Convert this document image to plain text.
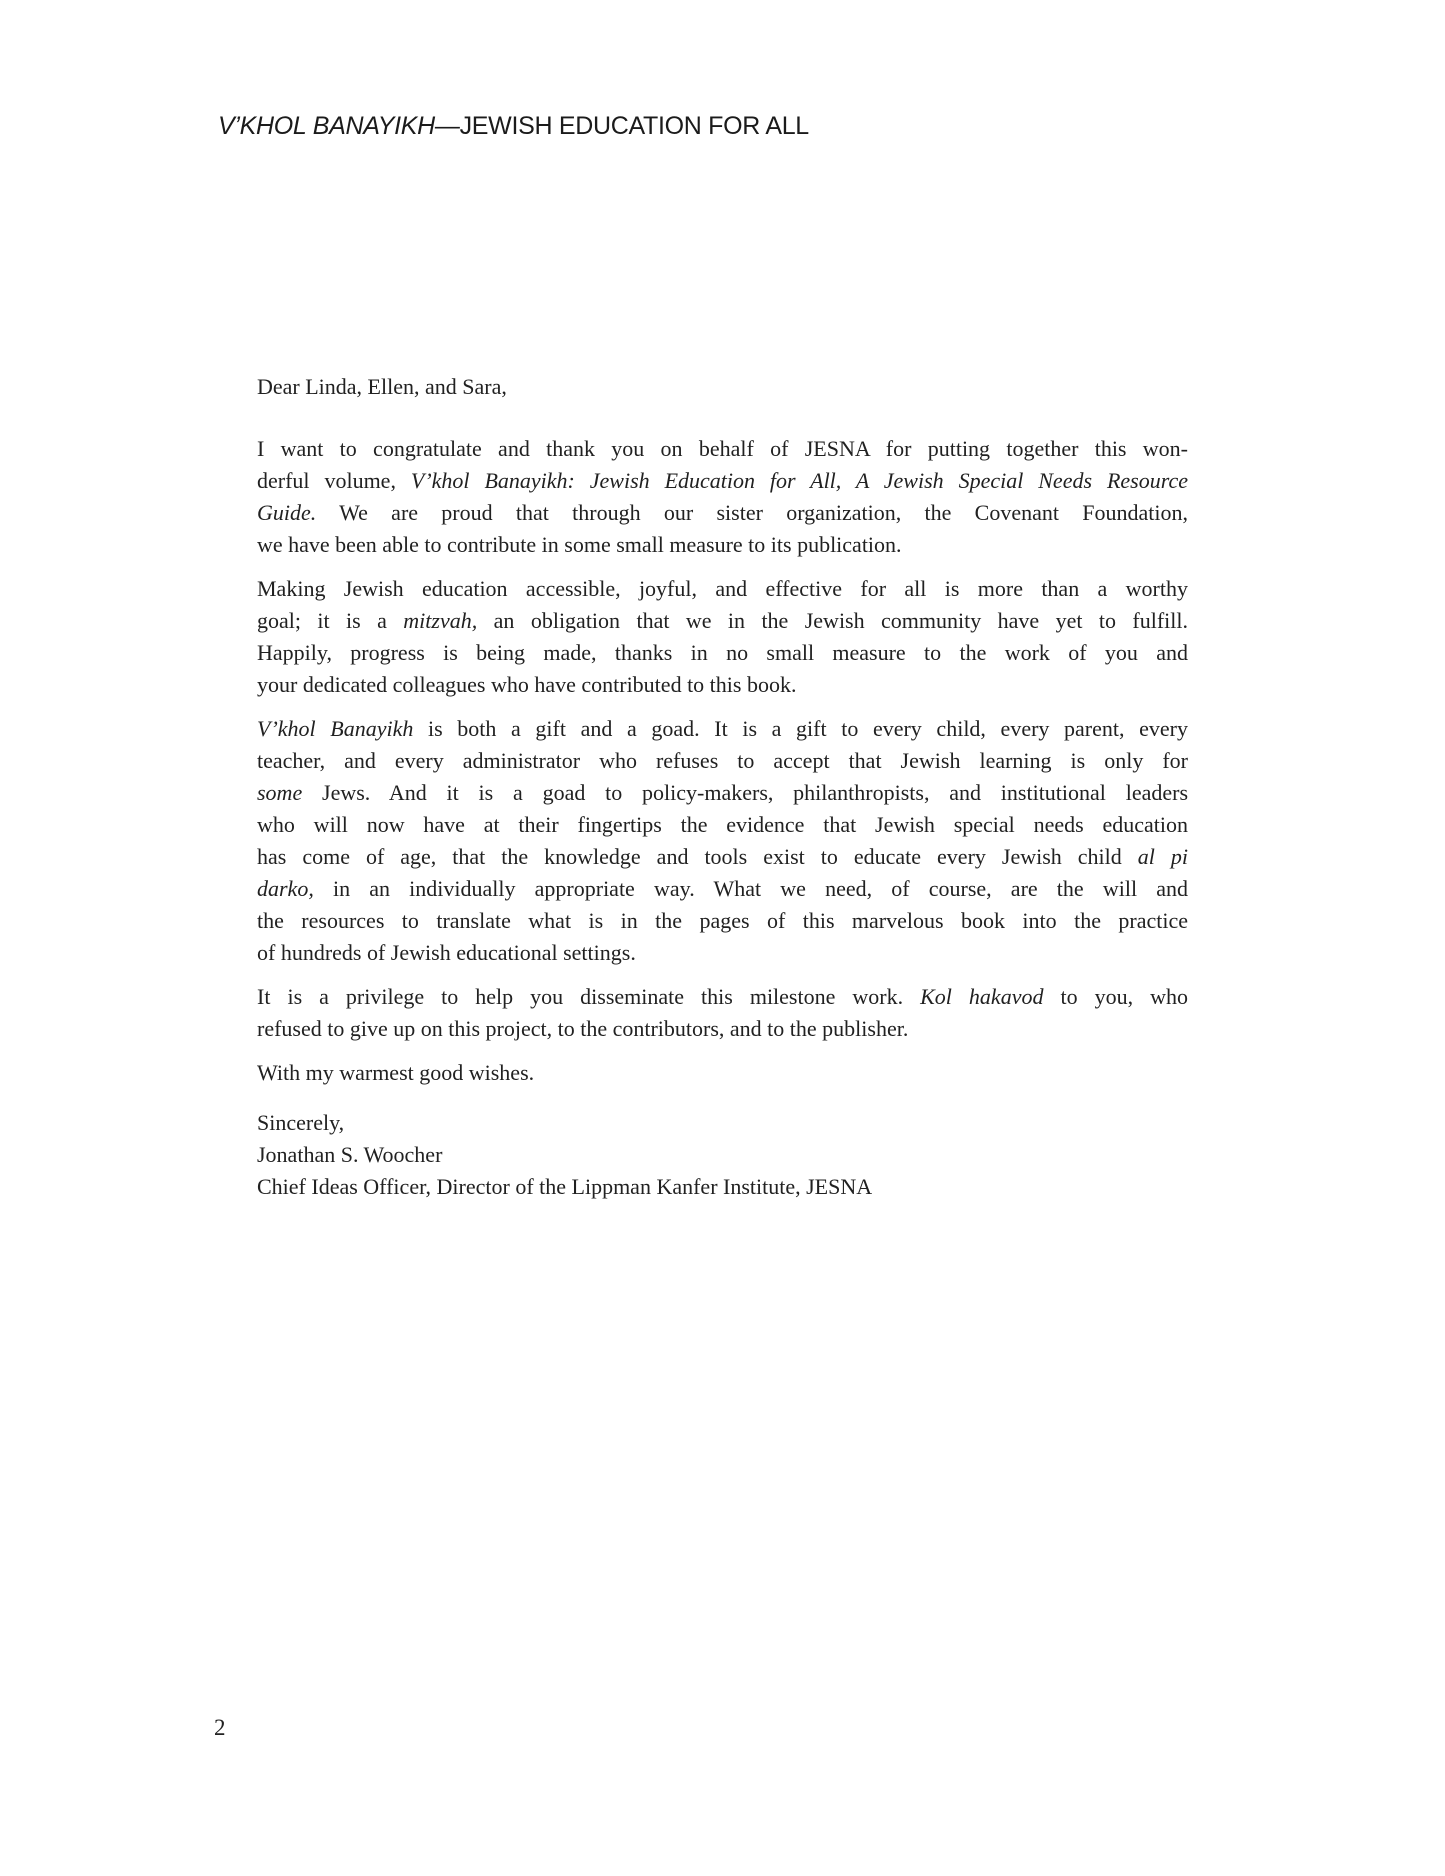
V’KHOL BANAYIKH—JEWISH EDUCATION FOR ALL
Dear Linda, Ellen, and Sara,
I want to congratulate and thank you on behalf of JESNA for putting together this won-
derful volume, V’khol Banayikh: Jewish Education for All, A Jewish Special Needs Resource
Guide. We are proud that through our sister organization, the Covenant Foundation,
we have been able to contribute in some small measure to its publication.
Making Jewish education accessible, joyful, and effective for all is more than a worthy
goal; it is a mitzvah, an obligation that we in the Jewish community have yet to fulfill.
Happily, progress is being made, thanks in no small measure to the work of you and
your dedicated colleagues who have contributed to this book.
V’khol Banayikh is both a gift and a goad. It is a gift to every child, every parent, every
teacher, and every administrator who refuses to accept that Jewish learning is only for
some Jews. And it is a goad to policy-makers, philanthropists, and institutional leaders
who will now have at their fingertips the evidence that Jewish special needs education
has come of age, that the knowledge and tools exist to educate every Jewish child al pi
darko, in an individually appropriate way. What we need, of course, are the will and
the resources to translate what is in the pages of this marvelous book into the practice
of hundreds of Jewish educational settings.
It is a privilege to help you disseminate this milestone work. Kol hakavod to you, who
refused to give up on this project, to the contributors, and to the publisher.
With my warmest good wishes.
Sincerely,
Jonathan S. Woocher
Chief Ideas Officer, Director of the Lippman Kanfer Institute, JESNA
2
